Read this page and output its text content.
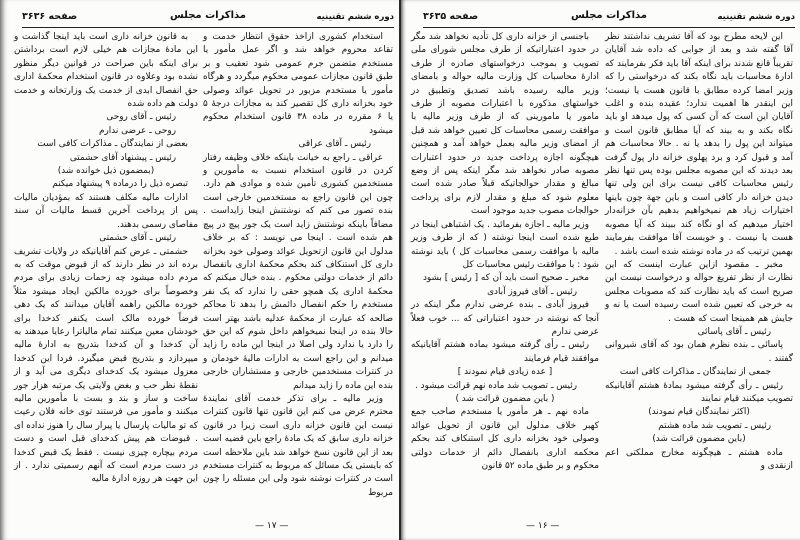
دوره ششم تقنینیه
مذاکرات مجلس
صفحه ۳۶۳۶

استخدام کشوری ازاخذ حقوق انتظار خدمت و تقاعد محروم خواهد شد و اگر عمل مأمور یا مستخدم متضمن جرم عمومی شود تعقیب و بر طبق قانون مجازات عمومی محکوم میگردد و هرگاه مأمور یا مستخدم مزبور در تحویل عوائد وصولی خود بخزانه داری کل تقصیر کند به مجازات درجهٔ ۵ یا ۶ مقرره در ماده ۳۸ قانون استخدام محکوم میشود

رئیس ـ آقای عراقی

عراقی ـ راجع به خیانت باینکه خلاف وظیفه رفتار کردن در قانون استخدام نسبت به مأمورین و مستخدمین کشوری تأمین شده و موادی هم دارد. چون این قانون راجع به مستخدمین خارجی است بنده تصور می کنم که نوشتنش اینجا زایداست . مضافاً باینکه نوشتنش زاید است یک جور پیچ در پیچ هم شده است . اینجا می نویسد : که بر خلاف مدلول این قانون ازتحویل عوائد وصولی خود بخزانه داری کل استنکاف کند بحکم محکمهٔ اداری بانفصال دائم از خدمات دولتی محکوم . بنده خیال میکنم که محکمهٔ اداری یک همچو حقی را ندارد که یک نفر مستخدم را حکم انفصال دائمش را بدهد تا محاکم صالحه که عبارت از محکمهٔ عدلیه باشد بهتر است حالا بنده در اینجا نمیخواهم داخل شوم که این حق را دارد یا ندارد ولی اصلا در اینجا این ماده را زاید میدانم و این راجع است به ادارات مالیهٔ خودمان و در کنترات مستخدمین خارجی و مستشاران خارجی بنده این ماده را زاید میدانم

وزیر مالیه ـ برای تذکر خدمت آقای نمایندهٔ محترم عرض می کنم این قانون تنها قانون کنترات نیست این قانون خزانه داری است زیرا در قانون خزانه داری سابق که یک مادهٔ راجع باین قضیه است بعد از این قانون نسخ خواهد شد باین ملاحظه است که بایستی یک مسائل که مربوط به کنترات مستخدم است در کنترات نوشته شود ولی این مسئله را چون مربوط

به قانون خزانه داری است باید اینجا گذاشت و این مادهٔ مجازات هم خیلی لازم است برداشتن برای اینکه باین صراحت در قوانین دیگر منظور نشده بود وعلاوه در قانون استخدام محکمهٔ اداری حق انفصال ابدی از خدمت یک وزارتخانه و خدمت دولت هم داده شده

رئیس ـ آقای روحی

روحی ـ عرضی ندارم

بعضی از نمایندگان ـ مذاکرات کافی است

رئیس ـ پیشنهاد آقای حشمتی

(بمضمون ذیل خوانده شد)

تبصره ذیل را درماده ۹ پیشنهاد میکنم

ادارات مالیه مکلف هستند که بمؤدیان مالیات پس از پرداخت آخرین قسط مالیات آن سند مفاصای رسمی بدهند.

رئیس ـ آقای حشمتی

حشمتی ـ عرض کنم آقایانیکه در ولایات تشریف برده اند در نظر دارند که از قبوض موقت که به مردم داده میشود چه زحمات زیادی برای مردم وخصوصاً برای خورده مالکین ایجاد میشود مثلاً خورده مالکین راهمه آقایان میدانند که یک دهی فرضاً خورده مالک است یکنفر کدخدا برای خودشان معین میکنند تمام مالیاترا رعایا میدهند به آن کدخدا و آن کدخدا بتدریج به ادارهٔ مالیه میپردازد و بتدریج قبض میگیرد. فردا این کدخدا معزول میشود یک کدخدای دیگری می آید و از نقطهٔ نظر حب و بغض ولایتی یک مرتبه هزار جور ساخت و ساز و بند و بست با مأمورین مالیه میکنند و مأمور می فرستند توی خانه فلان رعیت که تو مالیات پارسال یا پیرار سال را هنوز نداده ای . قبوضات هم پیش کدخدای قبل است و دست مردم بیچاره چیزی نیست . فقط یک قبض کدخدا در دست مردم است که آنهم رسمیتی ندارد . از این جهت هر روزه ادارهٔ مالیه

— ۱۷ —
دوره ششم تقنینیه
مذاکرات مجلس
صفحه ۳۶۳۵

این لایحه مطرح بود که آقا تشریف نداشتند نظر آقا گفته شد و بعد از جوابی که داده شد آقایان تقریباً قانع شدند برای اینکه آقا باید فکر بفرمایند که ادارهٔ محاسبات باید نگاه بکند که درخواستی را که وزیر امضا کرده مطابق با قانون هست یا نیست؛ این اینقدر ها اهمیت ندارد؛ عقیده بنده و اغلب آقایان این است که آن کسی که پول میدهد او باید نگاه بکند و به بیند که آیا مطابق قانون است و میتواند این پول را بدهد یا نه . حالا محاسبات هم آمد و قبول کرد و برد پهلوی خزانه دار پول گرفت بعد دیدند که این مصوبه مجلس بوده پس تنها نظر رئیس محاسبات کافی نیست برای این ولی تنها دیدن خزانه دار کافی است و باین جهة چون باینها اختیارات زیاد هم نمیخواهیم بدهیم بآن خزانه‌دار اختیار میدهیم که او نگاه کند ببیند که آیا مصوبه هست یا نیست . و خوبست آقا موافقت بفرمایند بهمین ترتیب که در ماده نوشته شده است باشد .

مخبر ـ مقصود ازاین عبارت اینست که این نظارت از نظر تفریغ حواله و درخواست نیست این صریح است که باید نظارت کند که مصوبات مجلس به خرجی که تعیین شده است رسیده است یا نه و جایش هم همینجا است که هست .

رئیس ـ آقای پاسائی

پاسائی ـ بنده نظرم همان بود که آقای شیروانی گفتند .

جمعی از نمایندگان ـ مذاکرات کافی است

رئیس ـ رأی گرفته میشود بمادهٔ هشتم آقایانیکه تصویب میکنند قیام نمایند

(اکثر نمایندگان قیام نمودند)

رئیس ـ تصویب شد ماده هشتم

(باین مضمون قرائت شد)

ماده هشتم ـ هیچگونه مخارج مملکتی اعم ازنقدی و

باجنسی از خزانه داری کل تأدیه نخواهد شد مگر در حدود اعتباراتیکه از طرف مجلس شورای ملی تصویب و بموجب درخواستهای صادره از طرف ادارهٔ محاسبات کل وزارت مالیه حواله و بامضای وزیر مالیه رسیده باشد تصدیق وتطبیق در خواستهای مذکوره با اعتبارات مصوبه از طرف مامور یا مامورینی که از طرف وزیر مالیه با موافقت رسمی محاسبات کل تعیین خواهد شد قبل از امضای وزیر مالیه بعمل خواهد آمد و همچنین هیچگونه اجازه پرداخت جدید در حدود اعتبارات مصوبه صادر نخواهد شد مگر اینکه پس از وضع مبالغ و مقدار حوالجاتیکه قبلاً صادر شده است معلوم شود که مبلغ و مقدار لازم برای پرداخت حوالجات مصوب جدید موجود است

وزیر مالیه ـ اجازه بفرمائید . یک اشتباهی اینجا در طبع شده است اینجا نوشته ( که از طرف وزیر مالیه با موافقت رسمی محاسبات کل ) باید نوشته شود : با موافقت رئیس محاسبات کل

مخبر ـ صحیح است باید آن که [ رئیس ] بشود

رئیس ـ آقای فیروز آبادی

فیروز آبادی ـ بنده عرضی ندارم مگر اینکه در آنجا که نوشته در حدود اعتباراتی که ... خوب فعلاً عرضی ندارم

رئیس ـ رأی گرفته میشود بماده هشتم آقایانیکه موافقند قیام فرمایند

[ عده زیادی قیام نمودند ]

رئیس ـ تصویب شد ماده نهم قرائت میشود .

( باین مضمون قرائت شد )

ماده نهم ـ هر مأمور یا مستخدم صاحب جمع کهبر خلاف مدلول این قانون از تحویل عوائد وصولی خود بخزانه داری کل استنکاف کند بحکم محکمه اداری بانفصال دائم از خدمات دولتی محکوم و بر طبق ماده ۵۲ قانون

— ۱۶ —
